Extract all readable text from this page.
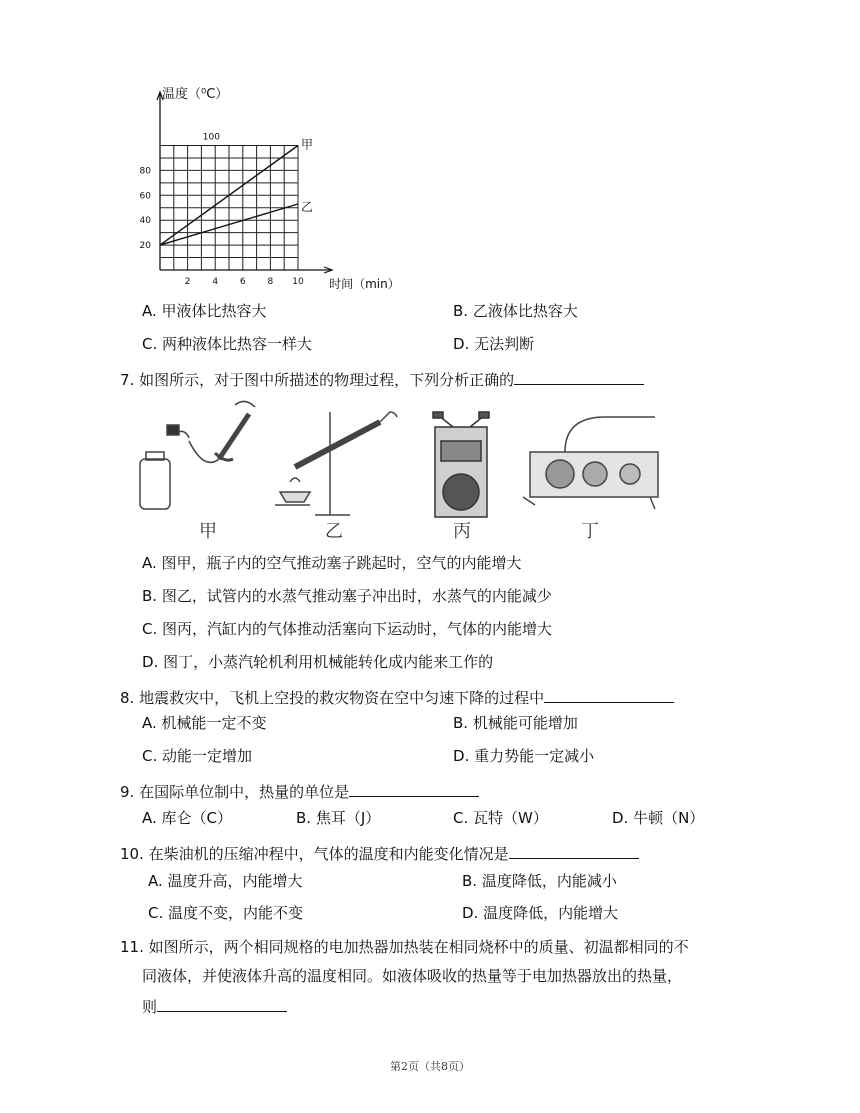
2 4 6 8 10
20
40
60
80
甲
乙
温度（⁰C）
时间（min）
100
A. 甲液体比热容大	B. 乙液体比热容大
C. 两种液体比热容一样大	D. 无法判断
7. 如图所示，对于图中所描述的物理过程，下列分析正确的
甲	乙	丙	丁
A. 图甲，瓶子内的空气推动塞子跳起时，空气的内能增大
B. 图乙，试管内的水蒸气推动塞子冲出时，水蒸气的内能减少
C. 图丙，汽缸内的气体推动活塞向下运动时，气体的内能增大
D. 图丁，小蒸汽轮机利用机械能转化成内能来工作的
8. 地震救灾中，飞机上空投的救灾物资在空中匀速下降的过程中
A. 机械能一定不变	B. 机械能可能增加
C. 动能一定增加	D. 重力势能一定减小
9. 在国际单位制中，热量的单位是
A. 库仑（C）	B. 焦耳（J）	C. 瓦特（W）	D. 牛顿（N）
10. 在柴油机的压缩冲程中，气体的温度和内能变化情况是
A. 温度升高，内能增大	B. 温度降低，内能减小
C. 温度不变，内能不变	D. 温度降低，内能增大
11. 如图所示，两个相同规格的电加热器加热装在相同烧杯中的质量、初温都相同的不
同液体，并使液体升高的温度相同。如液体吸收的热量等于电加热器放出的热量，
则
第2页（共8页）
